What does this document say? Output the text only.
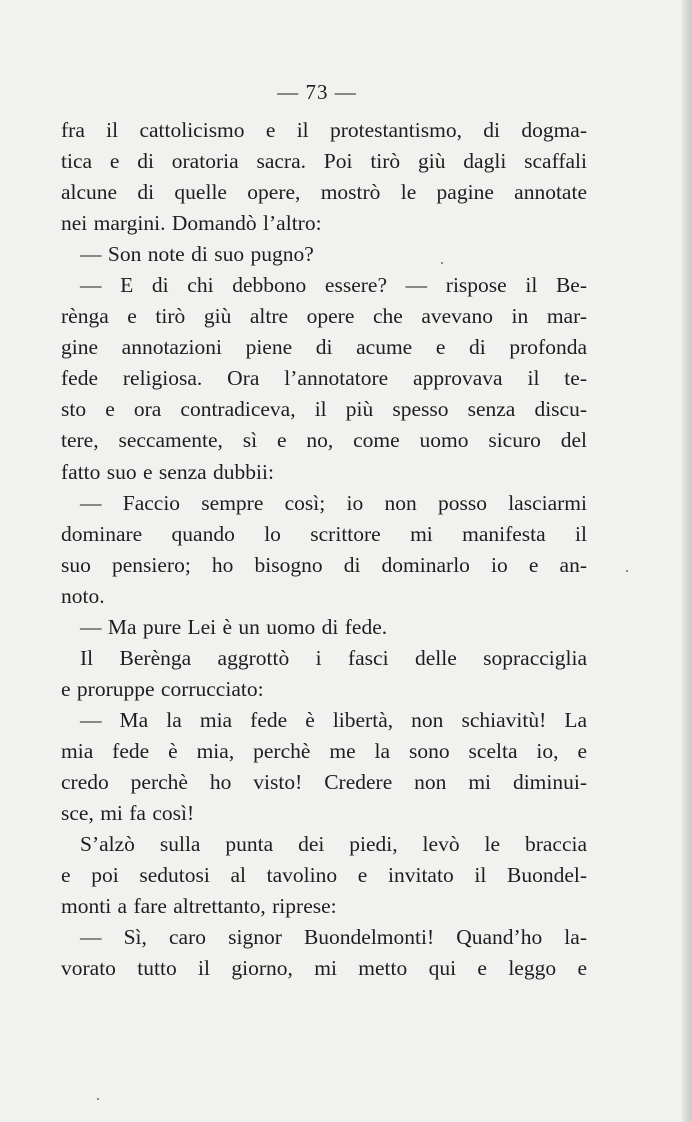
— 73 —
fra il cattolicismo e il protestantismo, di dogma-
tica e di oratoria sacra. Poi tirò giù dagli scaffali
alcune di quelle opere, mostrò le pagine annotate
nei margini. Domandò l’altro:
— Son note di suo pugno?
— E di chi debbono essere? — rispose il Be-
rènga e tirò giù altre opere che avevano in mar-
gine annotazioni piene di acume e di profonda
fede religiosa. Ora l’annotatore approvava il te-
sto e ora contradiceva, il più spesso senza discu-
tere, seccamente, sì e no, come uomo sicuro del
fatto suo e senza dubbii:
— Faccio sempre così; io non posso lasciarmi
dominare quando lo scrittore mi manifesta il
suo pensiero; ho bisogno di dominarlo io e an-
noto.
— Ma pure Lei è un uomo di fede.
Il Berènga aggrottò i fasci delle sopracciglia
e proruppe corrucciato:
— Ma la mia fede è libertà, non schiavitù! La
mia fede è mia, perchè me la sono scelta io, e
credo perchè ho visto! Credere non mi diminui-
sce, mi fa così!
S’alzò sulla punta dei piedi, levò le braccia
e poi sedutosi al tavolino e invitato il Buondel-
monti a fare altrettanto, riprese:
— Sì, caro signor Buondelmonti! Quand’ho la-
vorato tutto il giorno, mi metto qui e leggo e
